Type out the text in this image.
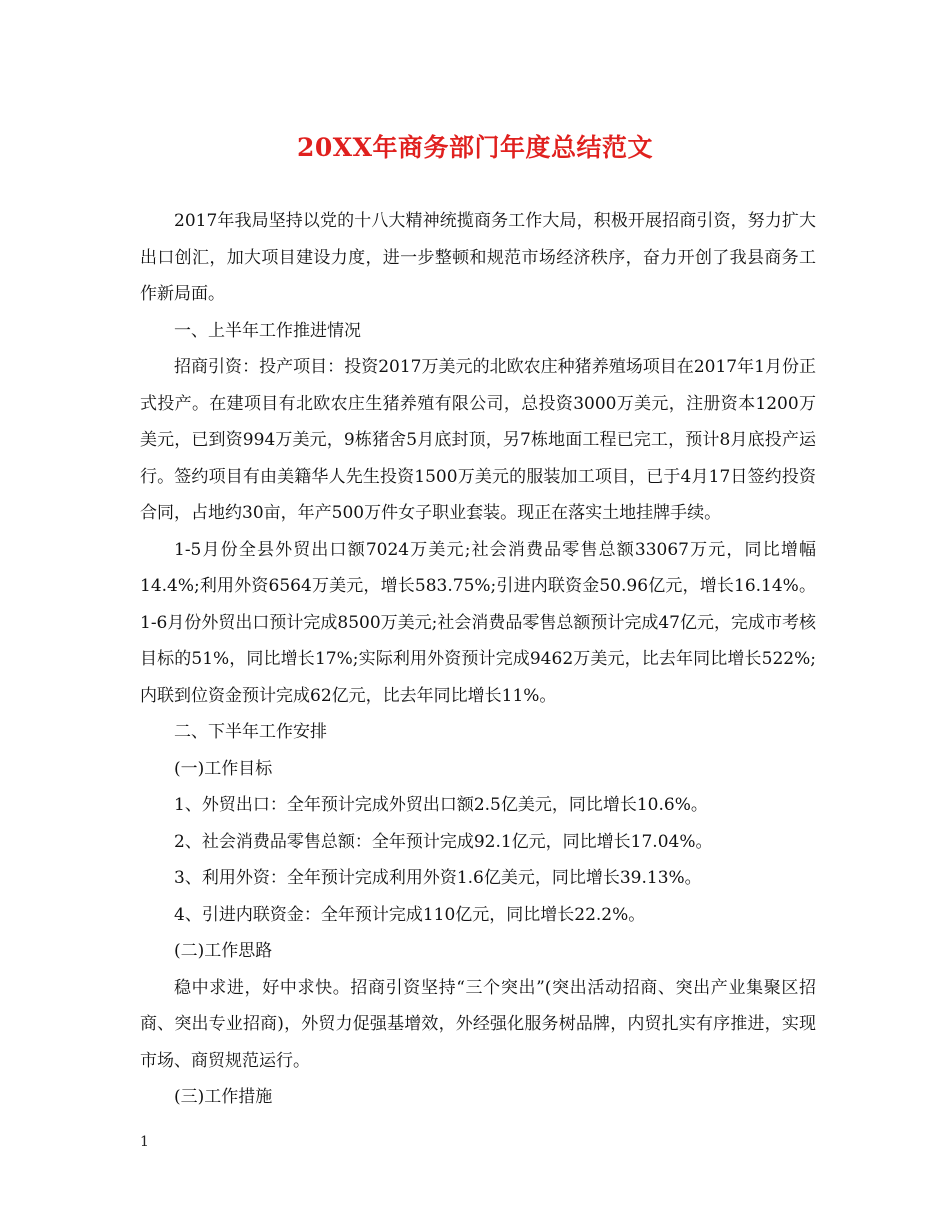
20XX年商务部门年度总结范文

2017年我局坚持以党的十八大精神统揽商务工作大局，积极开展招商引资，努力扩大出口创汇，加大项目建设力度，进一步整顿和规范市场经济秩序，奋力开创了我县商务工作新局面。

一、上半年工作推进情况

招商引资：投产项目：投资2017万美元的北欧农庄种猪养殖场项目在2017年1月份正式投产。在建项目有北欧农庄生猪养殖有限公司，总投资3000万美元，注册资本1200万美元，已到资994万美元，9栋猪舍5月底封顶，另7栋地面工程已完工，预计8月底投产运行。签约项目有由美籍华人先生投资1500万美元的服装加工项目，已于4月17日签约投资合同，占地约30亩，年产500万件女子职业套装。现正在落实土地挂牌手续。

1-5月份全县外贸出口额7024万美元;社会消费品零售总额33067万元，同比增幅14.4%;利用外资6564万美元，增长583.75%;引进内联资金50.96亿元，增长16.14%。1-6月份外贸出口预计完成8500万美元;社会消费品零售总额预计完成47亿元，完成市考核目标的51%，同比增长17%;实际利用外资预计完成9462万美元，比去年同比增长522%;内联到位资金预计完成62亿元，比去年同比增长11%。

二、下半年工作安排

(一)工作目标

1、外贸出口：全年预计完成外贸出口额2.5亿美元，同比增长10.6%。

2、社会消费品零售总额：全年预计完成92.1亿元，同比增长17.04%。

3、利用外资：全年预计完成利用外资1.6亿美元，同比增长39.13%。

4、引进内联资金：全年预计完成110亿元，同比增长22.2%。

(二)工作思路

稳中求进，好中求快。招商引资坚持“三个突出”(突出活动招商、突出产业集聚区招商、突出专业招商)，外贸力促强基增效，外经强化服务树品牌，内贸扎实有序推进，实现市场、商贸规范运行。

(三)工作措施

1
